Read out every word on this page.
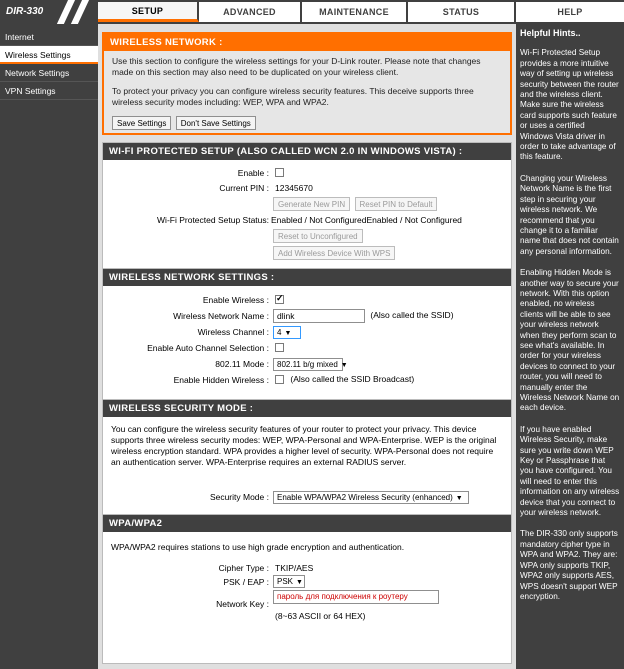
DIR-330	SETUP	ADVANCED	MAINTENANCE	STATUS	HELP
Internet
Wireless Settings
Network Settings
VPN Settings
WIRELESS NETWORK :
Use this section to configure the wireless settings for your D-Link router. Please note that changes made on this section may also need to be duplicated on your wireless client.
To protect your privacy you can configure wireless security features. This deceive supports three wireless security modes including: WEP, WPA and WPA2.
Save Settings Don't Save Settings
WI-FI PROTECTED SETUP (ALSO CALLED WCN 2.0 IN WINDOWS VISTA) :
Enable :
Current PIN : 12345670
Generate New PIN Reset PIN to Default
Wi-Fi Protected Setup Status: Enabled / Not ConfiguredEnabled / Not Configured
Reset to Unconfigured
Add Wireless Device With WPS
WIRELESS NETWORK SETTINGS :
Enable Wireless :
✓
Wireless Network Name : dlink	(Also called the SSID)
Wireless Channel :	4 ▼
Enable Auto Channel Selection :
802.11 Mode :	802.11 b/g mixed ▼
Enable Hidden Wireless :	(Also called the SSID Broadcast)
WIRELESS SECURITY MODE :
You can configure the wireless security features of your router to protect your privacy. This device supports three wireless security modes: WEP, WPA-Personal and WPA-Enterprise. WEP is the original wireless encryption standard. WPA provides a higher level of security. WPA-Personal does not require an authentication server. WPA-Enterprise requires an external RADIUS server.
Security Mode :	Enable WPA/WPA2 Wireless Security (enhanced) ▼
WPA/WPA2
WPA/WPA2 requires stations to use high grade encryption and authentication.
Cipher Type : TKIP/AES
PSK / EAP :	PSK ▼
Network Key :
пароль для подключения к роутеру
(8~63 ASCII or 64 HEX)
Helpful Hints..

Wi-Fi Protected Setup provides a more intuitive way of setting up wireless security between the router and the wireless client. Make sure the wireless card supports such feature or uses a certified Windows Vista driver in order to take advantage of this feature.

Changing your Wireless Network Name is the first step in securing your wireless network. We recommend that you change it to a familiar name that does not contain any personal information.

Enabling Hidden Mode is another way to secure your network. With this option enabled, no wireless clients will be able to see your wireless network when they perform scan to see what's available. In order for your wireless devices to connect to your router, you will need to manually enter the Wireless Network Name on each device.

If you have enabled Wireless Security, make sure you write down WEP Key or Passphrase that you have configured. You will need to enter this information on any wireless device that you connect to your wireless network.

The DIR-330 only supports mandatory cipher type in WPA and WPA2. They are: WPA only supports TKIP, WPA2 only supports AES, WPS doesn't support WEP encryption.
